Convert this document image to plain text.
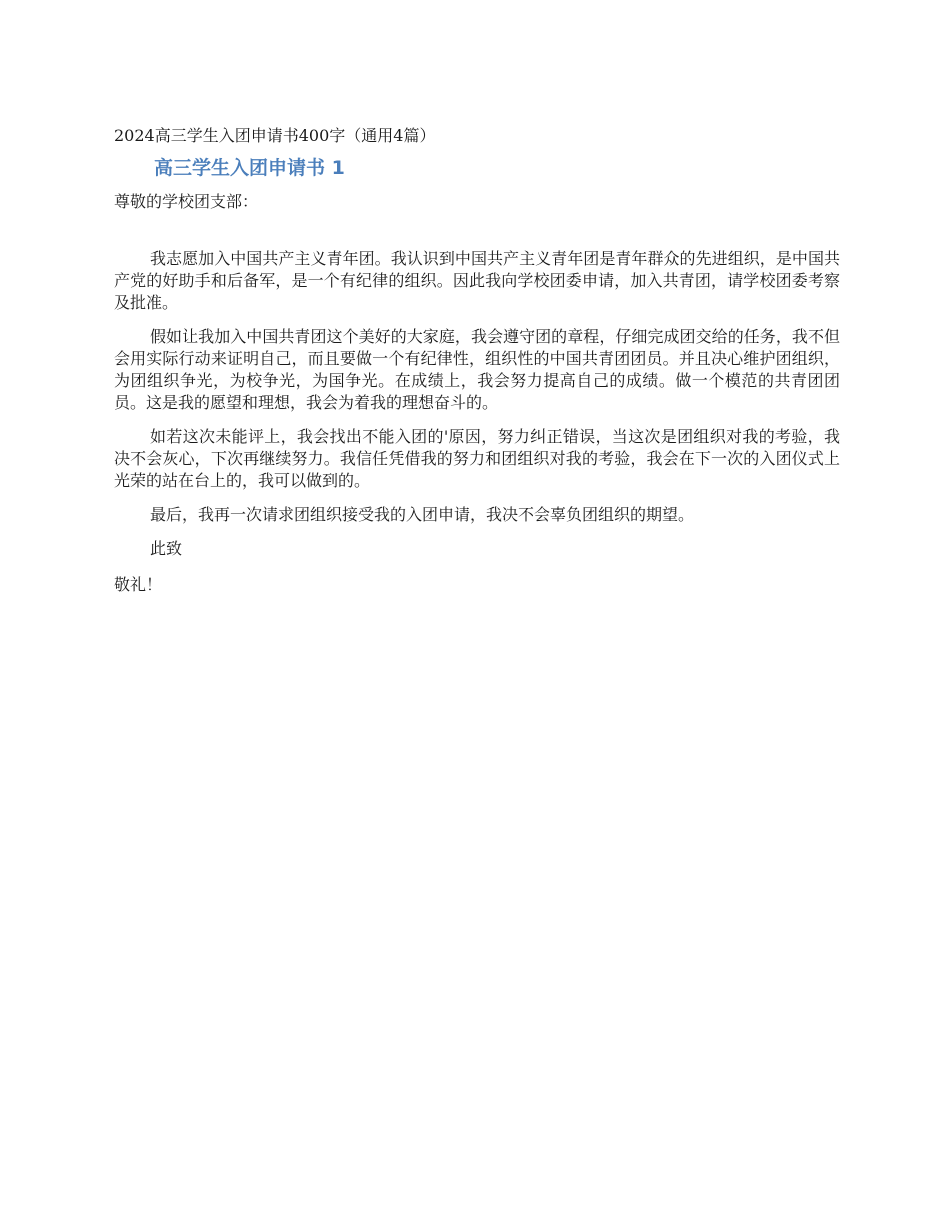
2024高三学生入团申请书400字（通用4篇）
高三学生入团申请书 1
尊敬的学校团支部：

我志愿加入中国共产主义青年团。我认识到中国共产主义青年团是青年群众的先进组织，是中国共产党的好助手和后备军，是一个有纪律的组织。因此我向学校团委申请，加入共青团，请学校团委考察及批准。

假如让我加入中国共青团这个美好的大家庭，我会遵守团的章程，仔细完成团交给的任务，我不但会用实际行动来证明自己，而且要做一个有纪律性，组织性的中国共青团团员。并且决心维护团组织，为团组织争光，为校争光，为国争光。在成绩上，我会努力提高自己的成绩。做一个模范的共青团团员。这是我的愿望和理想，我会为着我的理想奋斗的。

如若这次未能评上，我会找出不能入团的'原因，努力纠正错误，当这次是团组织对我的考验，我决不会灰心，下次再继续努力。我信任凭借我的努力和团组织对我的考验，我会在下一次的入团仪式上光荣的站在台上的，我可以做到的。

最后，我再一次请求团组织接受我的入团申请，我决不会辜负团组织的期望。

此致

敬礼！
